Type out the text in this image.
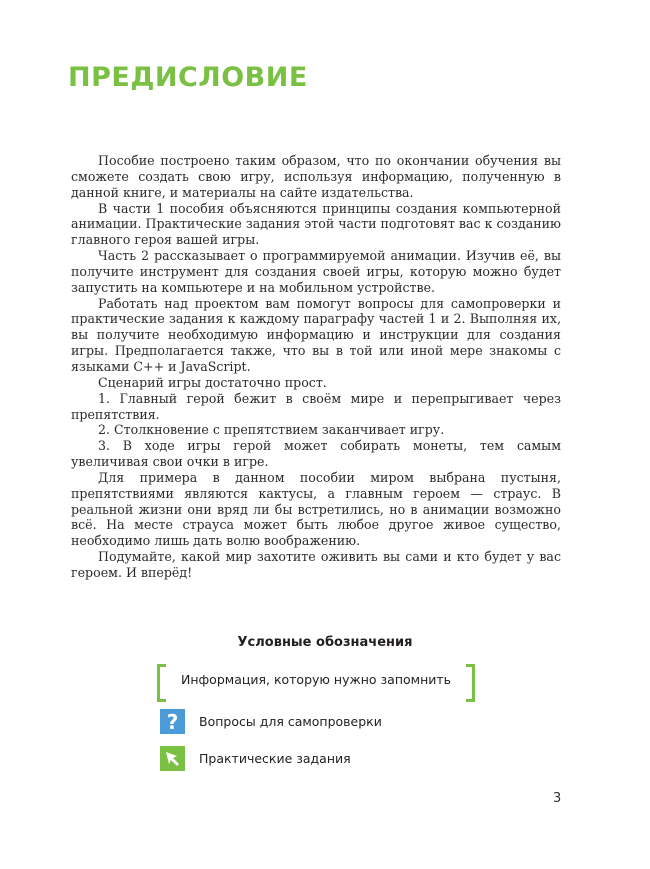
ПРЕДИСЛОВИЕ

Пособие построено таким образом, что по окончании обучения вы сможете создать свою игру, используя информацию, полученную в данной книге, и материалы на сайте издательства.

В части 1 пособия объясняются принципы создания компьютерной анимации. Практические задания этой части подготовят вас к созданию главного героя вашей игры.

Часть 2 рассказывает о программируемой анимации. Изучив её, вы получите инструмент для создания своей игры, которую можно будет запустить на компьютере и на мобильном устройстве.

Работать над проектом вам помогут вопросы для самопроверки и практические задания к каждому параграфу частей 1 и 2. Выполняя их, вы получите необходимую информацию и инструкции для создания игры. Предполагается также, что вы в той или иной мере знакомы с языками C++ и JavaScript.

Сценарий игры достаточно прост.

1. Главный герой бежит в своём мире и перепрыгивает через препятствия.

2. Столкновение с препятствием заканчивает игру.

3. В ходе игры герой может собирать монеты, тем самым увеличивая свои очки в игре.

Для примера в данном пособии миром выбрана пустыня, препятствиями являются кактусы, а главным героем — страус. В реальной жизни они вряд ли бы встретились, но в анимации возможно всё. На месте страуса может быть любое другое живое существо, необходимо лишь дать волю воображению.

Подумайте, какой мир захотите оживить вы сами и кто будет у вас героем. И вперёд!

Условные обозначения
Информация, которую нужно запомнить
?	Вопросы для самопроверки
Практические задания
3
